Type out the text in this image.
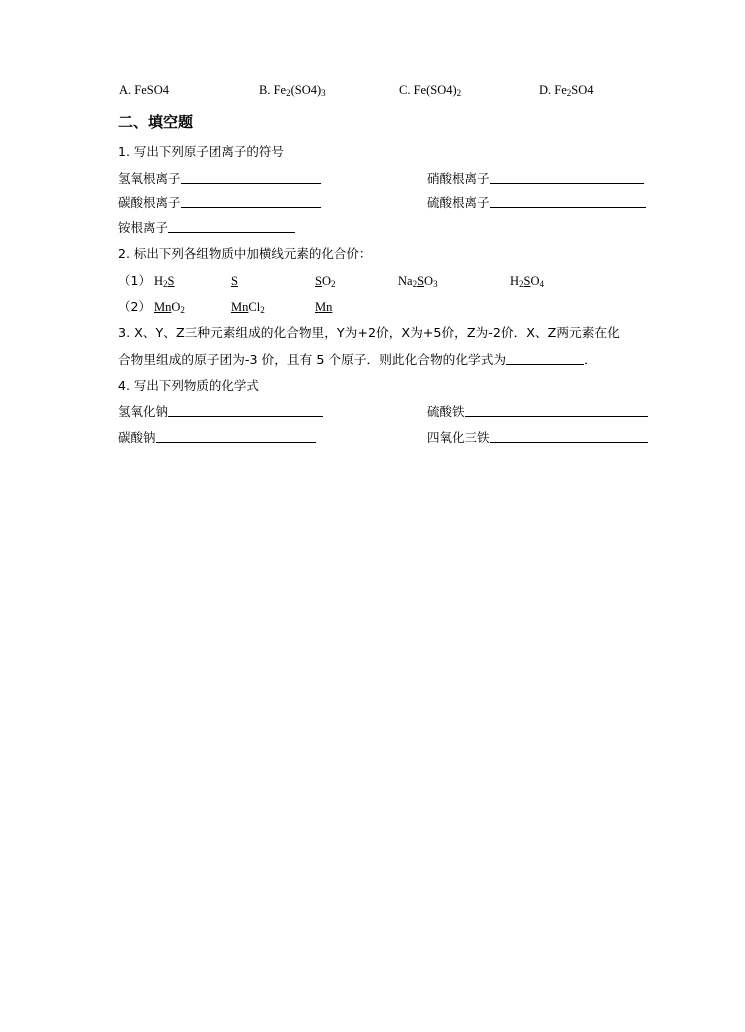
A. FeSO4	B. $Fe_2(SO4)_3$	C. $Fe(SO4)_2$	D. $Fe_2SO4$
二、填空题
1. 写出下列原子团离子的符号
氢氧根离子	硝酸根离子
碳酸根离子	硫酸根离子
铵根离子
2. 标出下列各组物质中加横线元素的化合价：
（1） $H_2S$	S	$SO_2$	$Na_2SO_3$	$H_2SO_4$
（2） MnO$_2$	MnCl$_2$	Mn
3. X、Y、Z三种元素组成的化合物里，Y为+2价，X为+5价，Z为-2价．X、Z两元素在化
合物里组成的原子团为-3 价，且有 5 个原子．则此化合物的化学式为	．
4. 写出下列物质的化学式
氢氧化钠	硫酸铁
碳酸钠	四氧化三铁
